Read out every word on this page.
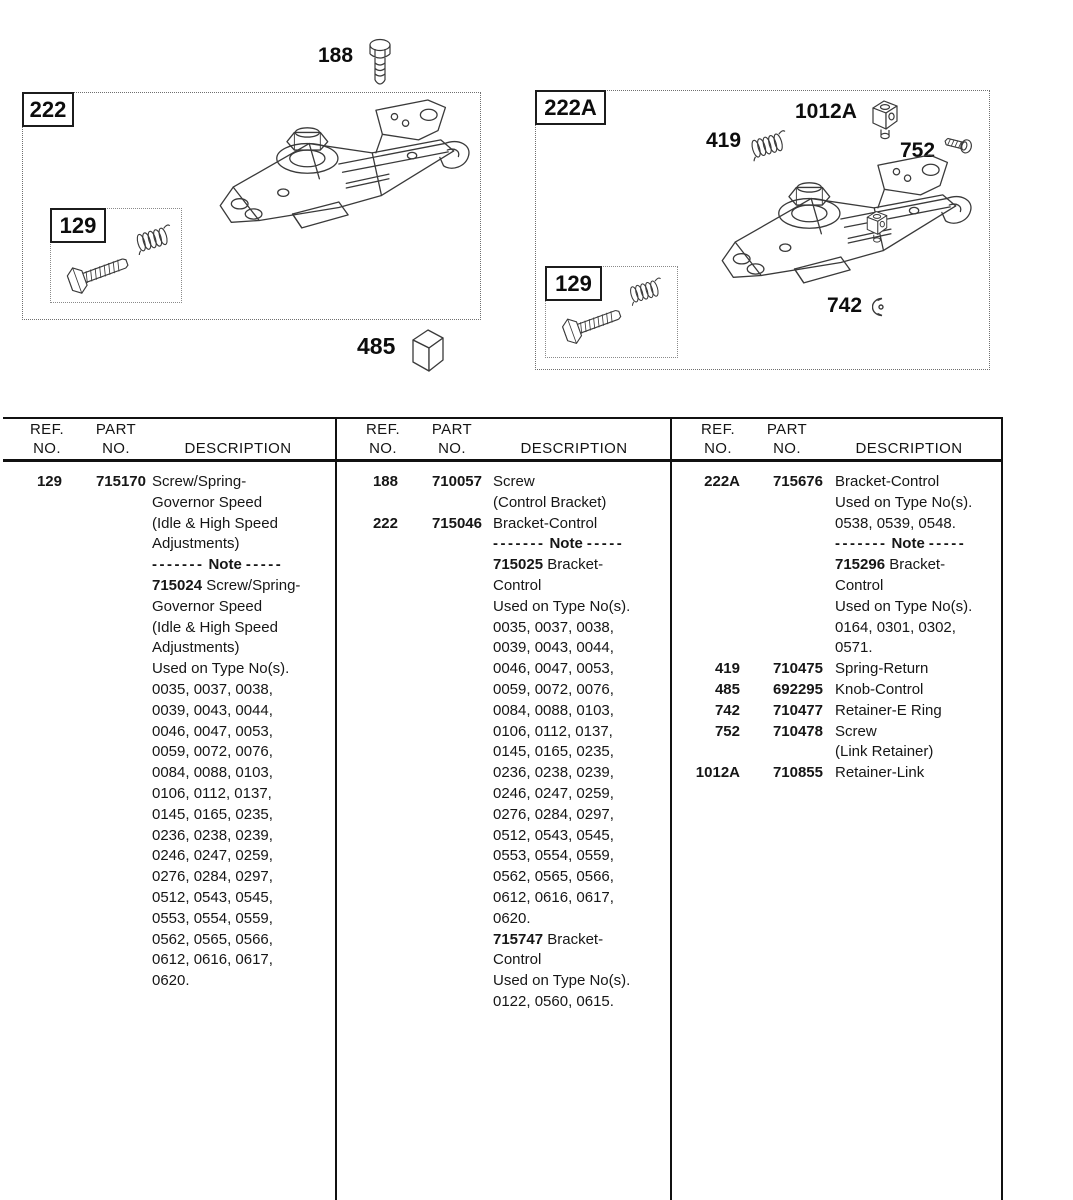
188
222
129
485
222A	1012A
419	752
129
742
REF.
NO.
PART
NO.	DESCRIPTION
REF.
NO.
PART
NO.	DESCRIPTION
REF.
NO.
PART
NO.	DESCRIPTION
129	715170 Screw/Spring-
Governor Speed
(Idle & High Speed
Adjustments)
------- Note -----
715024 Screw/Spring-
Governor Speed
(Idle & High Speed
Adjustments)
Used on Type No(s).
0035, 0037, 0038,
0039, 0043, 0044,
0046, 0047, 0053,
0059, 0072, 0076,
0084, 0088, 0103,
0106, 0112, 0137,
0145, 0165, 0235,
0236, 0238, 0239,
0246, 0247, 0259,
0276, 0284, 0297,
0512, 0543, 0545,
0553, 0554, 0559,
0562, 0565, 0566,
0612, 0616, 0617,
0620.
188	710057 Screw
(Control Bracket)
222	715046 Bracket-Control
------- Note -----
715025 Bracket-
Control
Used on Type No(s).
0035, 0037, 0038,
0039, 0043, 0044,
0046, 0047, 0053,
0059, 0072, 0076,
0084, 0088, 0103,
0106, 0112, 0137,
0145, 0165, 0235,
0236, 0238, 0239,
0246, 0247, 0259,
0276, 0284, 0297,
0512, 0543, 0545,
0553, 0554, 0559,
0562, 0565, 0566,
0612, 0616, 0617,
0620.
715747 Bracket-
Control
Used on Type No(s).
0122, 0560, 0615.
222A	715676 Bracket-Control
Used on Type No(s).
0538, 0539, 0548.
------- Note -----
715296 Bracket-
Control
Used on Type No(s).
0164, 0301, 0302,
0571.
419	710475 Spring-Return
485	692295 Knob-Control
742	710477 Retainer-E Ring
752	710478 Screw
(Link Retainer)
1012A	710855 Retainer-Link
